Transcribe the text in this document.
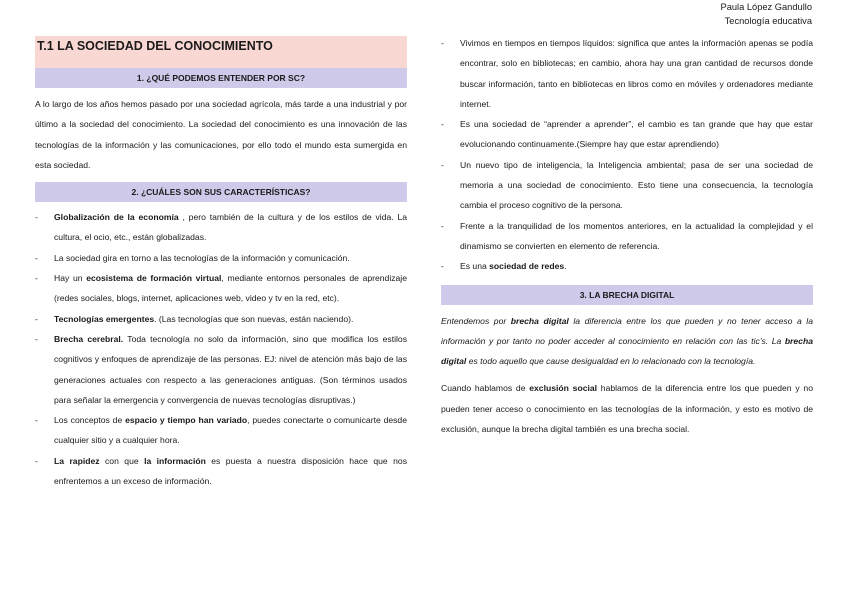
Paula López Gandullo
Tecnología educativa
T.1 LA SOCIEDAD DEL CONOCIMIENTO
1. ¿QUÉ PODEMOS ENTENDER POR SC?

A lo largo de los años hemos pasado por una sociedad agrícola, más tarde a una industrial y por último a la sociedad del conocimiento. La sociedad del conocimiento es una innovación de las tecnologías de la información y las comunicaciones, por ello todo el mundo esta sumergida en esta sociedad.

2. ¿CUÁLES SON SUS CARACTERÍSTICAS?
- Globalización de la economía , pero también de la cultura y de los estilos de vida. La cultura, el ocio, etc., están globalizadas.
- La sociedad gira en torno a las tecnologías de la información y comunicación.
- Hay un ecosistema de formación virtual, mediante entornos personales de aprendizaje (redes sociales, blogs, internet, aplicaciones web, video y tv en la red, etc).
- Tecnologías emergentes. (Las tecnologías que son nuevas, están naciendo).
- Brecha cerebral. Toda tecnología no solo da información, sino que modifica los estilos cognitivos y enfoques de aprendizaje de las personas. EJ: nivel de atención más bajo de las generaciones actuales con respecto a las generaciones antiguas. (Son términos usados para señalar la emergencia y convergencia de nuevas tecnologías disruptivas.)
- Los conceptos de espacio y tiempo han variado, puedes conectarte o comunicarte desde cualquier sitio y a cualquier hora.
- La rapidez con que la información es puesta a nuestra disposición hace que nos enfrentemos a un exceso de información.
- Vivimos en tiempos en tiempos líquidos: significa que antes la información apenas se podía encontrar, solo en bibliotecas; en cambio, ahora hay una gran cantidad de recursos donde buscar información, tanto en bibliotecas en libros como en móviles y ordenadores mediante internet.
- Es una sociedad de “aprender a aprender”, el cambio es tan grande que hay que estar evolucionando continuamente.(Siempre hay que estar aprendiendo)
- Un nuevo tipo de inteligencia, la Inteligencia ambiental; pasa de ser una sociedad de memoria a una sociedad de conocimiento. Esto tiene una consecuencia, la tecnología cambia el proceso cognitivo de la persona.
- Frente a la tranquilidad de los momentos anteriores, en la actualidad la complejidad y el dinamismo se convierten en elemento de referencia.
- Es una sociedad de redes.
3. LA BRECHA DIGITAL

Entendemos por brecha digital la diferencia entre los que pueden y no tener acceso a la información y por tanto no poder acceder al conocimiento en relación con las tic’s. La brecha digital es todo aquello que cause desigualdad en lo relacionado con la tecnología.

Cuando hablamos de exclusión social hablamos de la diferencia entre los que pueden y no pueden tener acceso o conocimiento en las tecnologías de la información, y esto es motivo de exclusión, aunque la brecha digital también es una brecha social.
